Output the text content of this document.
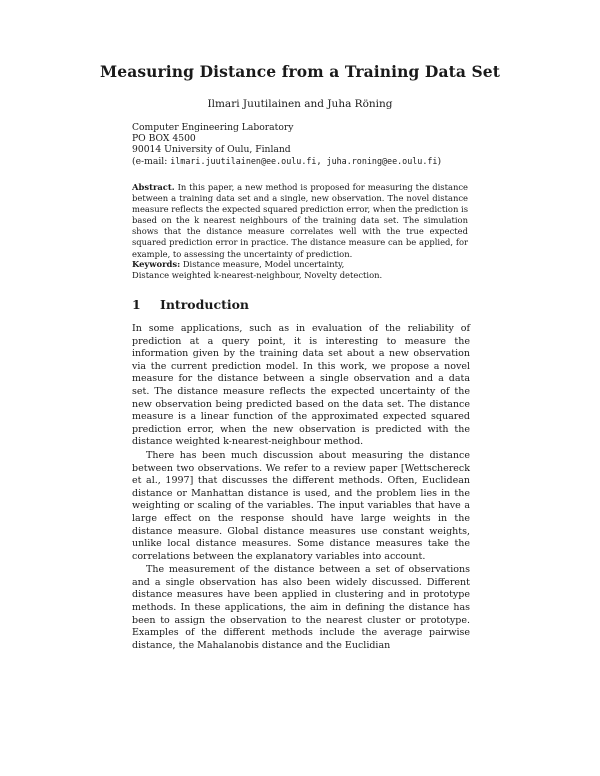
Measuring Distance from a Training Data Set
Ilmari Juutilainen and Juha Röning
Computer Engineering Laboratory
PO BOX 4500
90014 University of Oulu, Finland
(e-mail: ilmari.juutilainen@ee.oulu.fi, juha.roning@ee.oulu.fi)
Abstract. In this paper, a new method is proposed for measuring the distance between a training data set and a single, new observation. The novel distance measure reflects the expected squared prediction error, when the prediction is based on the k nearest neighbours of the training data set. The simulation shows that the distance measure correlates well with the true expected squared prediction error in practice. The distance measure can be applied, for example, to assessing the uncertainty of prediction.
Keywords: Distance measure, Model uncertainty,
Distance weighted k-nearest-neighbour, Novelty detection.
1 Introduction

In some applications, such as in evaluation of the reliability of prediction at a query point, it is interesting to measure the information given by the training data set about a new observation via the current prediction model. In this work, we propose a novel measure for the distance between a single observation and a data set. The distance measure reflects the expected uncertainty of the new observation being predicted based on the data set. The distance measure is a linear function of the approximated expected squared prediction error, when the new observation is predicted with the distance weighted k-nearest-neighbour method.

There has been much discussion about measuring the distance between two observations. We refer to a review paper [Wettschereck et al., 1997] that discusses the different methods. Often, Euclidean distance or Manhattan distance is used, and the problem lies in the weighting or scaling of the variables. The input variables that have a large effect on the response should have large weights in the distance measure. Global distance measures use constant weights, unlike local distance measures. Some distance measures take the correlations between the explanatory variables into account.

The measurement of the distance between a set of observations and a single observation has also been widely discussed. Different distance measures have been applied in clustering and in prototype methods. In these applications, the aim in defining the distance has been to assign the observation to the nearest cluster or prototype. Examples of the different methods include the average pairwise distance, the Mahalanobis distance and the Euclidian
